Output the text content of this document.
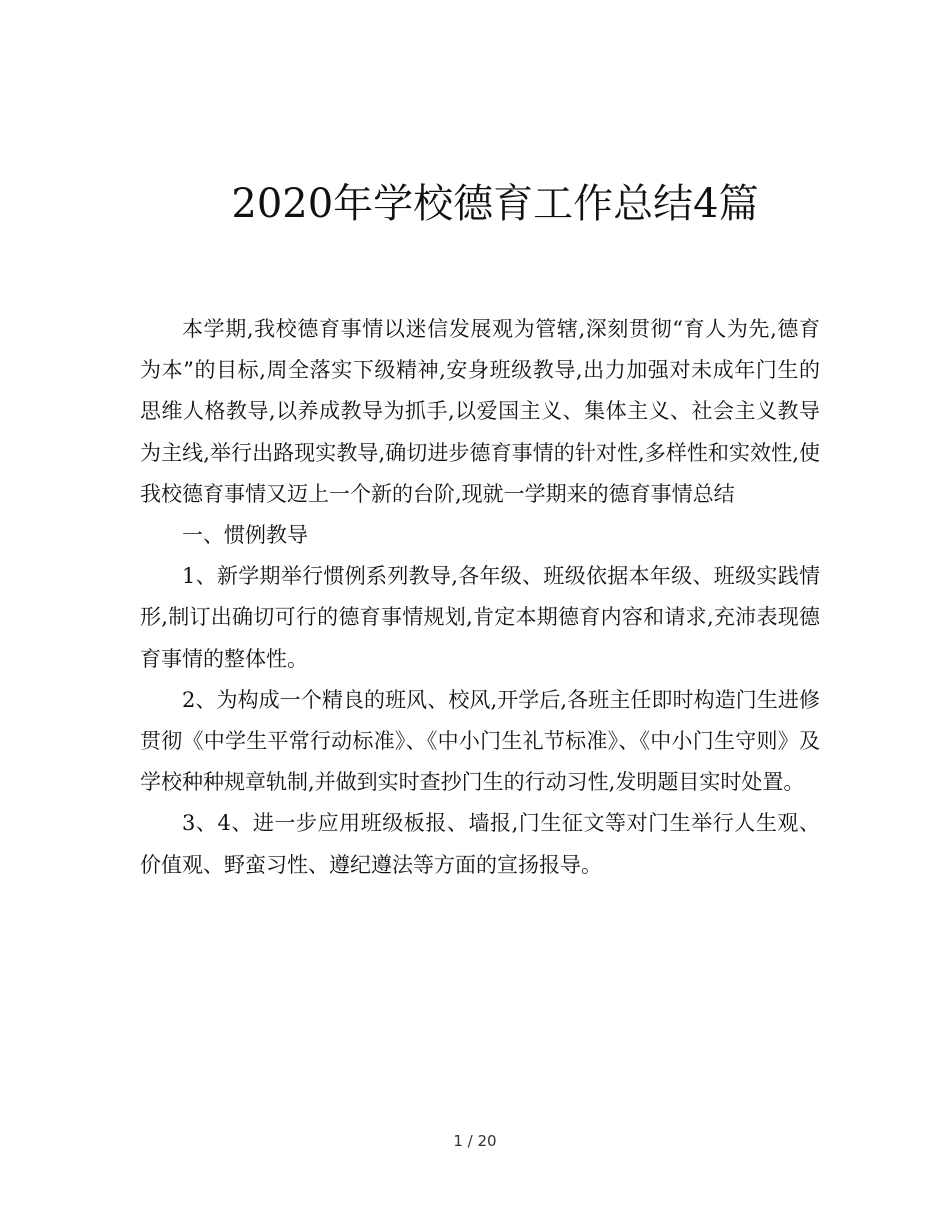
2020年学校德育工作总结4篇

本学期,我校德育事情以迷信发展观为管辖,深刻贯彻“育人为先,德育为本”的目标,周全落实下级精神,安身班级教导,出力加强对未成年门生的思维人格教导,以养成教导为抓手,以爱国主义、集体主义、社会主义教导为主线,举行出路现实教导,确切进步德育事情的针对性,多样性和实效性,使我校德育事情又迈上一个新的台阶,现就一学期来的德育事情总结

一、惯例教导

1、新学期举行惯例系列教导,各年级、班级依据本年级、班级实践情形,制订出确切可行的德育事情规划,肯定本期德育内容和请求,充沛表现德育事情的整体性。

2、为构成一个精良的班风、校风,开学后,各班主任即时构造门生进修贯彻《中学生平常行动标准》、《中小门生礼节标准》、《中小门生守则》及学校种种规章轨制,并做到实时查抄门生的行动习性,发明题目实时处置。

3、4、进一步应用班级板报、墙报,门生征文等对门生举行人生观、价值观、野蛮习性、遵纪遵法等方面的宣扬报导。

1 / 20
